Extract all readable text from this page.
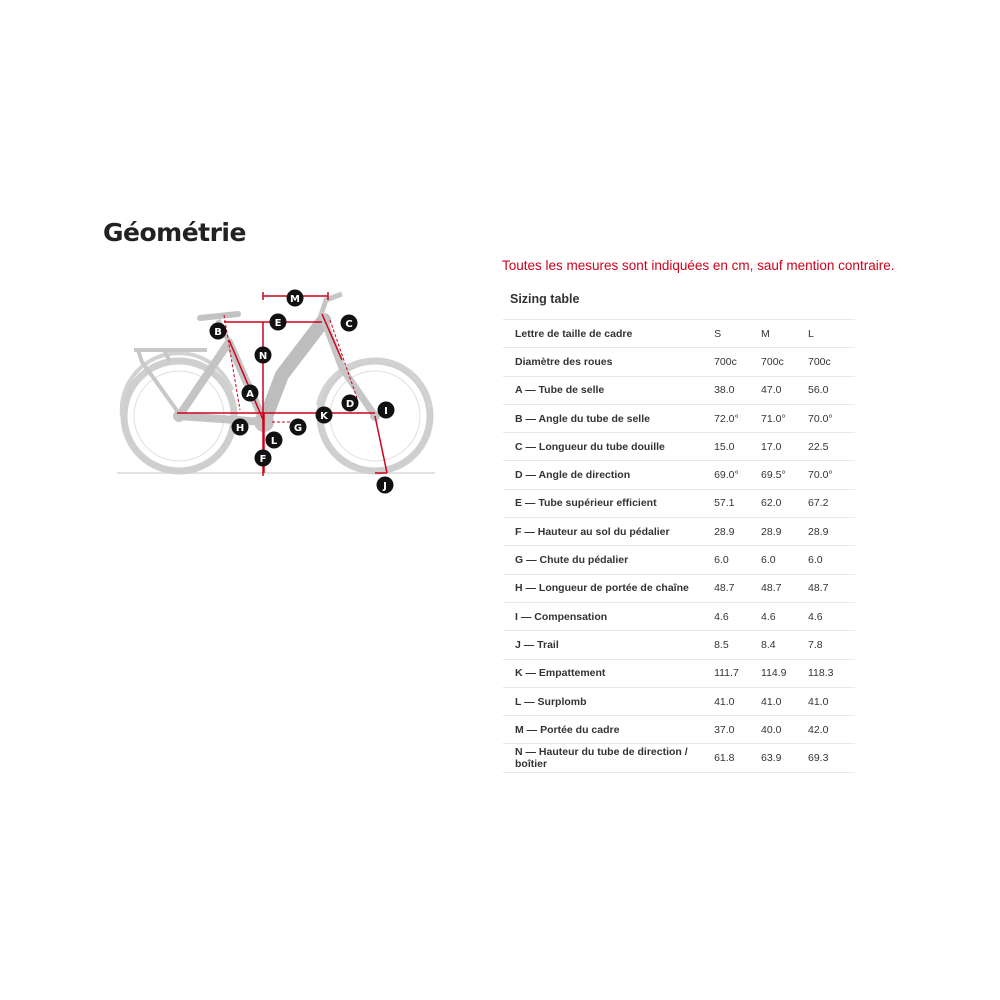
Géométrie
M
E	C
B
N
A
D
I
K
H	G
L
F
J

Toutes les mesures sont indiquées en cm, sauf mention contraire.

Sizing table
Lettre de taille de cadre	S	M	L
Diamètre des roues	700c	700c	700c
A — Tube de selle	38.0	47.0	56.0
B — Angle du tube de selle	72.0°	71.0°	70.0°
C — Longueur du tube douille	15.0	17.0	22.5
D — Angle de direction	69.0°	69.5°	70.0°
E — Tube supérieur efficient	57.1	62.0	67.2
F — Hauteur au sol du pédalier	28.9	28.9	28.9
G — Chute du pédalier	6.0	6.0	6.0
H — Longueur de portée de chaîne	48.7	48.7	48.7
I — Compensation	4.6	4.6	4.6
J — Trail	8.5	8.4	7.8
K — Empattement	111.7	114.9	118.3
L — Surplomb	41.0	41.0	41.0
M — Portée du cadre	37.0	40.0	42.0
N — Hauteur du tube de direction / boîtier	61.8	63.9	69.3
